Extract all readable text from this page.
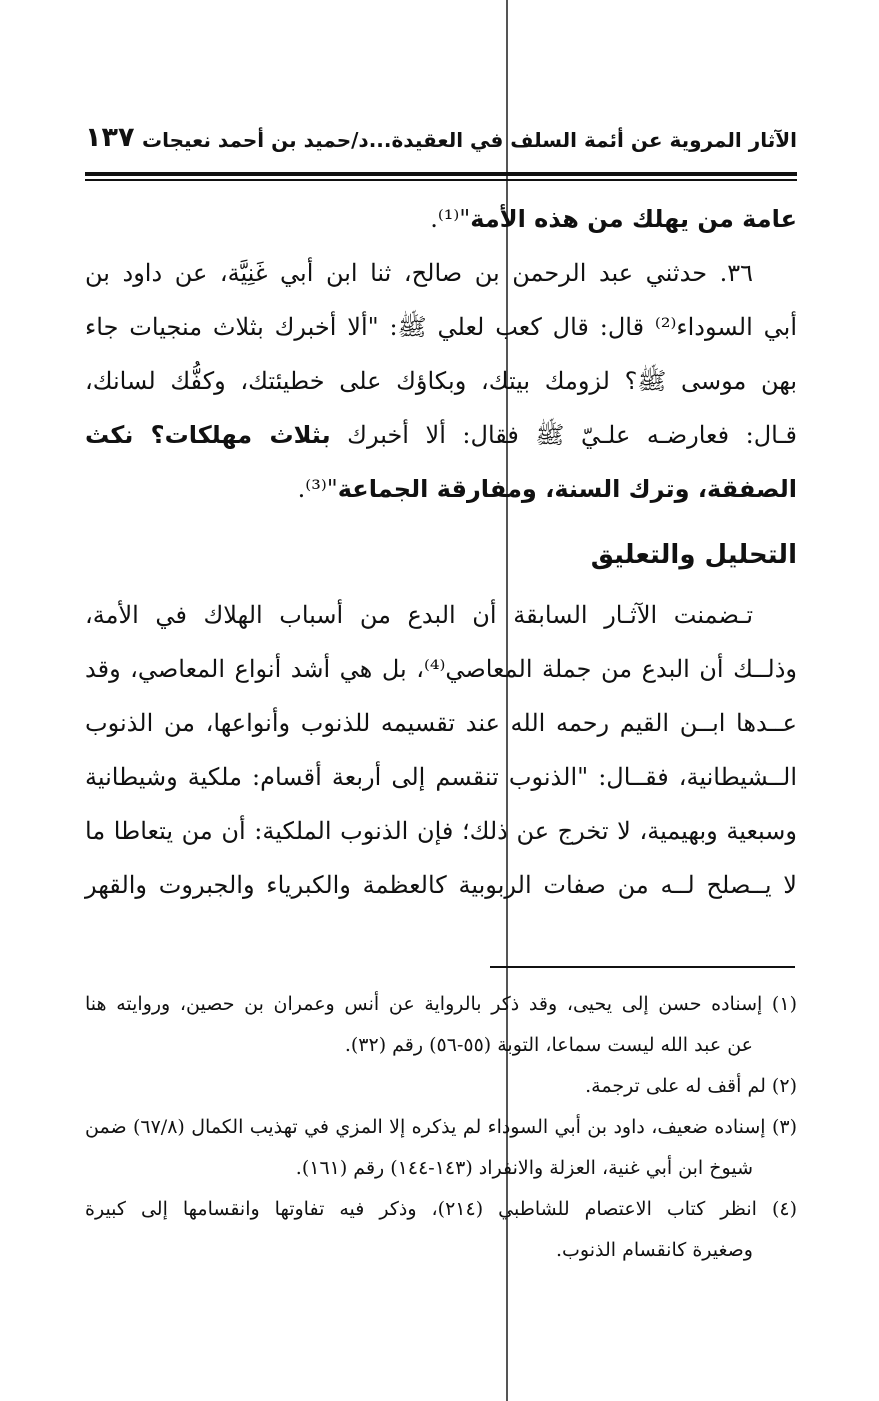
الآثار المروية عن أئمة السلف في العقيدة...د/حميد بن أحمد نعيجات
١٣٧
عامة من يهلك من هذه الأمة"⁽¹⁾.
٣٦. حدثني عبد الرحمن بن صالح، ثنا ابن أبي غَنِيَّة، عن داود بن
أبي السوداء⁽²⁾ قال: قال كعب لعلي ﷺ: "ألا أخبرك بثلاث منجيات جاء
بهن موسى ﷺ؟ لزومك بيتك، وبكاؤك على خطيئتك، وكفُّك لسانك،
قـال: فعارضـه علـيّ ﷺ فقال: ألا أخبرك بثلاث مهلكات؟ نكث
الصفقة، وترك السنة، ومفارقة الجماعة"⁽³⁾.
التحليل والتعليق
تـضمنت الآثـار السابقة أن البدع من أسباب الهلاك في الأمة،
وذلــك أن البدع من جملة المعاصي⁽⁴⁾، بل هي أشد أنواع المعاصي، وقد
عــدها ابــن القيم رحمه الله عند تقسيمه للذنوب وأنواعها، من الذنوب
الــشيطانية، فقــال: "الذنوب تنقسم إلى أربعة أقسام: ملكية وشيطانية
وسبعية وبهيمية، لا تخرج عن ذلك؛ فإن الذنوب الملكية: أن من يتعاطا ما
لا يــصلح لــه من صفات الربوبية كالعظمة والكبرياء والجبروت والقهر
(١) إسناده حسن إلى يحيى، وقد ذكر بالرواية عن أنس وعمران بن حصين، وروايته هنا
عن عبد الله ليست سماعا، التوبة (٥٥-٥٦) رقم (٣٢).
(٢) لم أقف له على ترجمة.
(٣) إسناده ضعيف، داود بن أبي السوداء لم يذكره إلا المزي في تهذيب الكمال (٦٧/٨) ضمن
شيوخ ابن أبي غنية، العزلة والانفراد (١٤٣-١٤٤) رقم (١٦١).
(٤) انظر كتاب الاعتصام للشاطبي (٢١٤)، وذكر فيه تفاوتها وانقسامها إلى كبيرة
وصغيرة كانقسام الذنوب.
